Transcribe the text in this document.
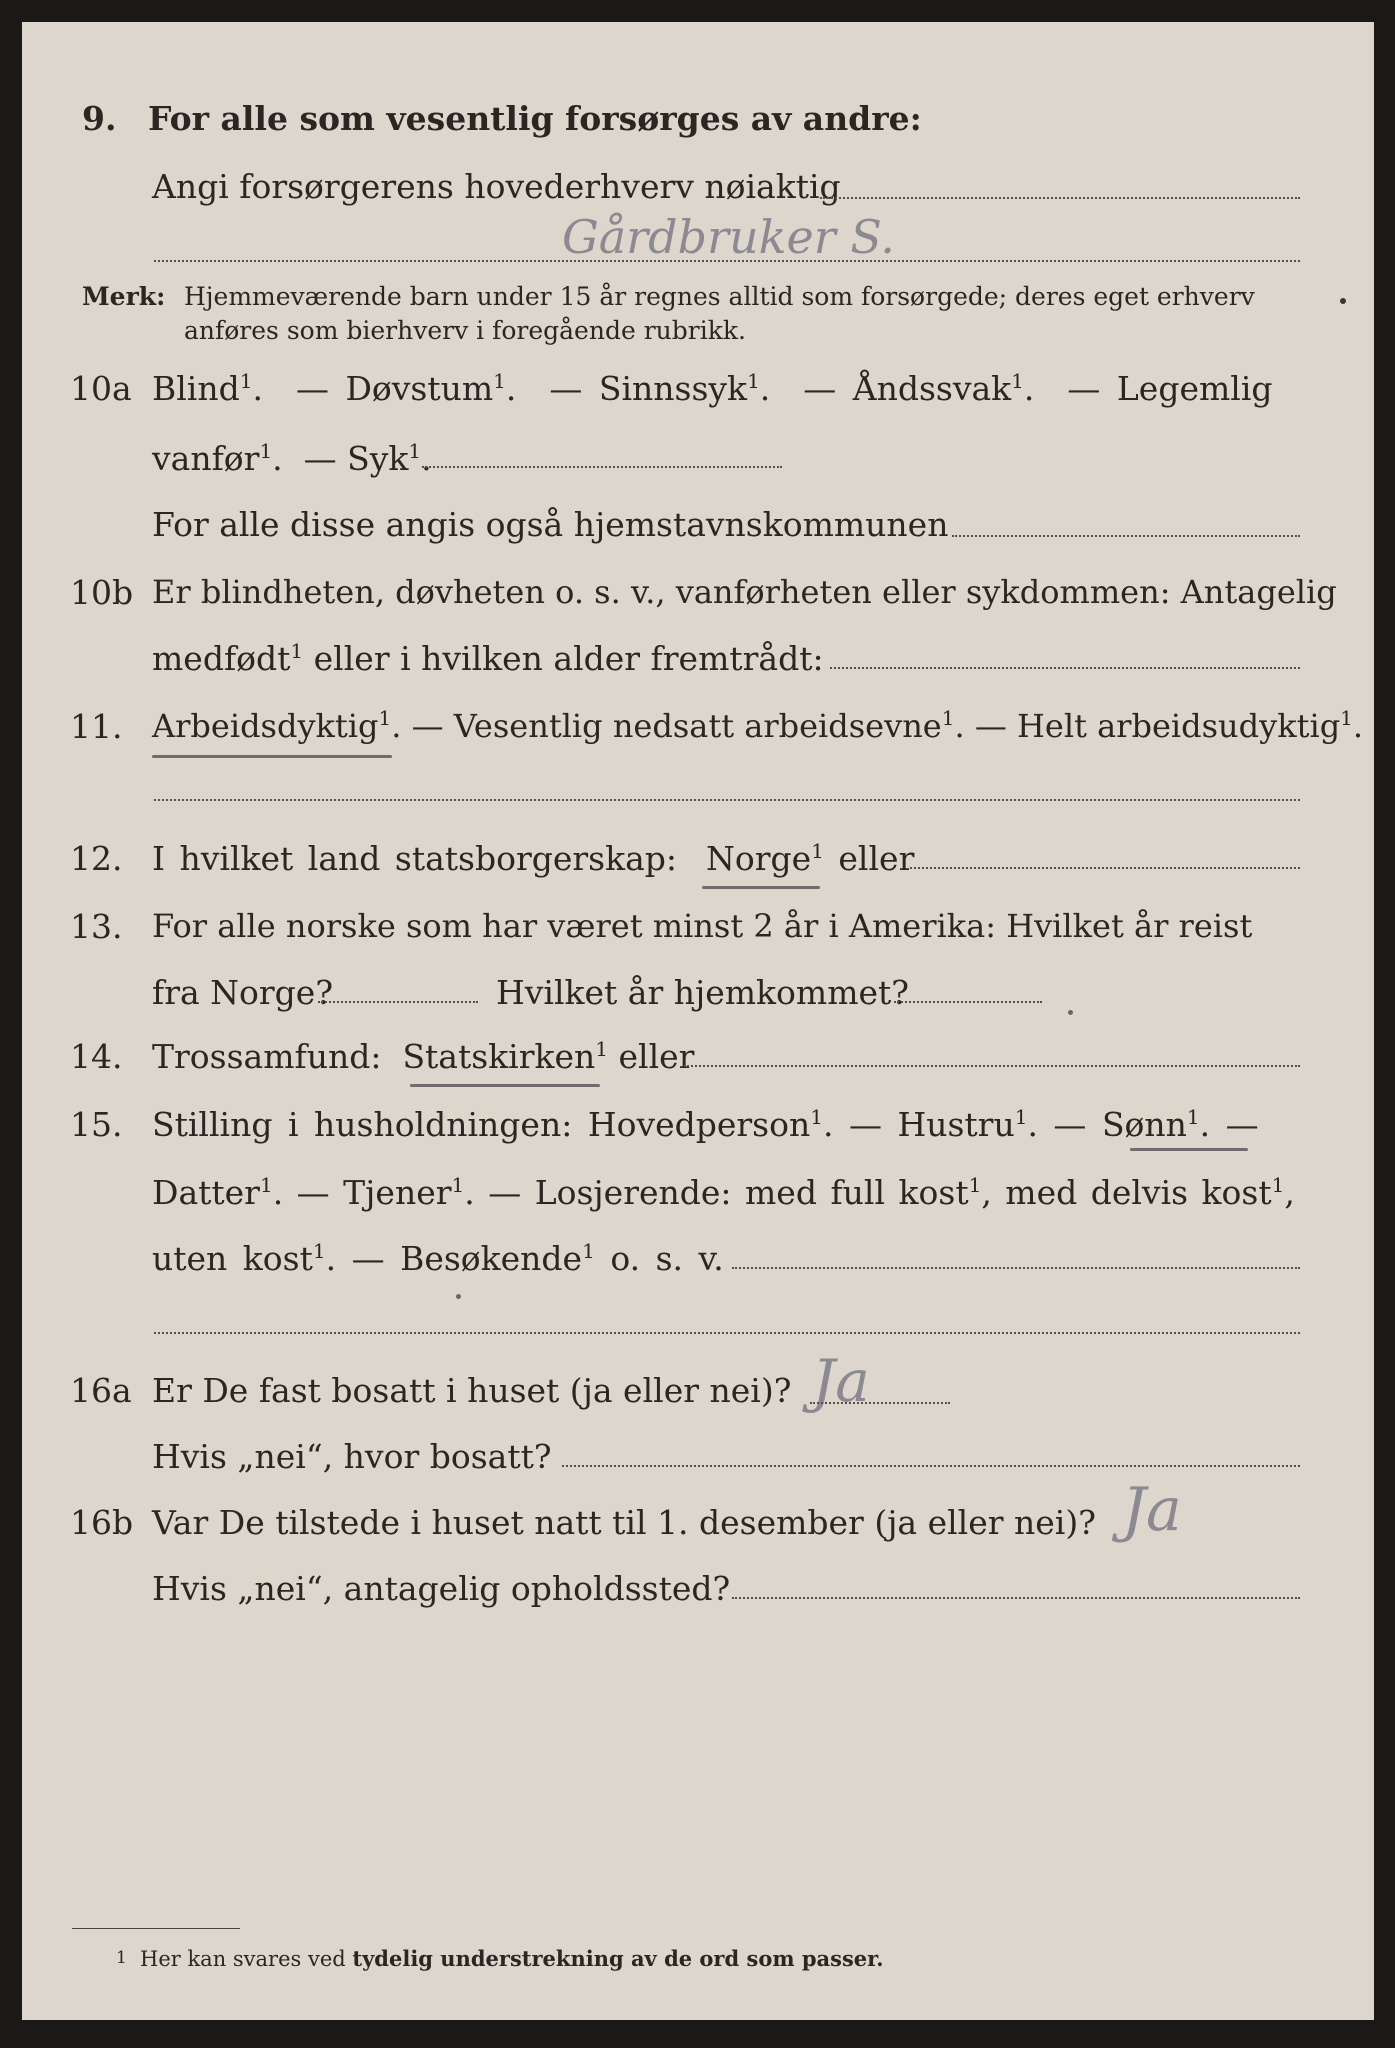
9. For alle som vesentlig forsørges av andre:
Angi forsørgerens hovederhverv nøiaktig
Gårdbruker S.
Merk: Hjemmeværende barn under 15 år regnes alltid som forsørgede; deres eget erhverv
anføres som bierhverv i foregående rubrikk.
10a Blind$^1$.  — Døvstum$^1$.  — Sinnssyk$^1$.  — Åndssvak$^1$.  — Legemlig
vanfør$^1$.  — Syk$^1$.
For alle disse angis også hjemstavnskommunen
10b Er blindheten, døvheten o. s. v., vanførheten eller sykdommen: Antagelig
medfødt$^1$ eller i hvilken alder fremtrådt:
11. Arbeidsdyktig$^1$. — Vesentlig nedsatt arbeidsevne$^1$. — Helt arbeidsudyktig$^1$.
12. I hvilket land statsborgerskap: Norge$^1$ eller
13. For alle norske som har været minst 2 år i Amerika: Hvilket år reist
fra Norge?	Hvilket år hjemkommet?
14. Trossamfund: Statskirken$^1$ eller
15. Stilling i husholdningen: Hovedperson$^1$. — Hustru$^1$. — Sønn$^1$. —
Datter$^1$. — Tjener$^1$. — Losjerende: med full kost$^1$, med delvis kost$^1$,
uten kost$^1$. — Besøkende$^1$ o. s. v.
16a Er De fast bosatt i huset (ja eller nei)? Ja
Hvis „nei“, hvor bosatt?
16b Var De tilstede i huset natt til 1. desember (ja eller nei)? Ja
Hvis „nei“, antagelig opholdssted?
1 Her kan svares ved tydelig understrekning av de ord som passer.
